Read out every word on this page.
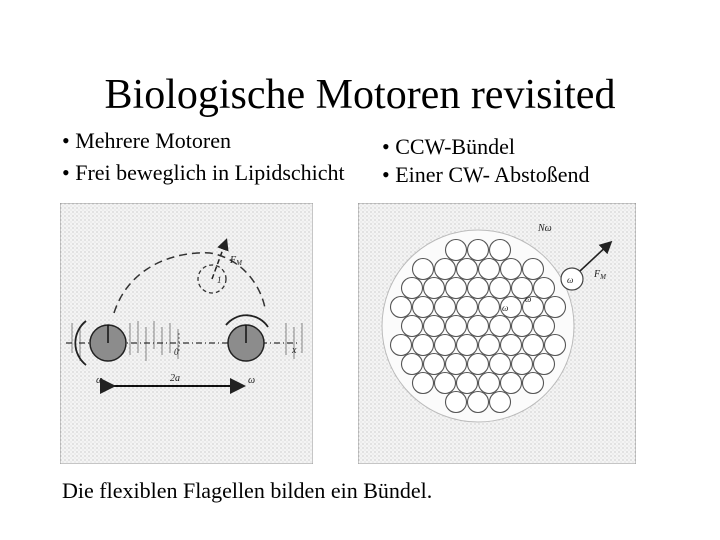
Biologische Motoren revisited
• Mehrere Motoren
• Frei beweglich in Lipidschicht
• CCW-Bündel
• Einer CW- Abstoßend
$F_M$
1
0	x
ω	ω
2a
Nω
ω $F_M$
ω
ω
Die flexiblen Flagellen bilden ein Bündel.
